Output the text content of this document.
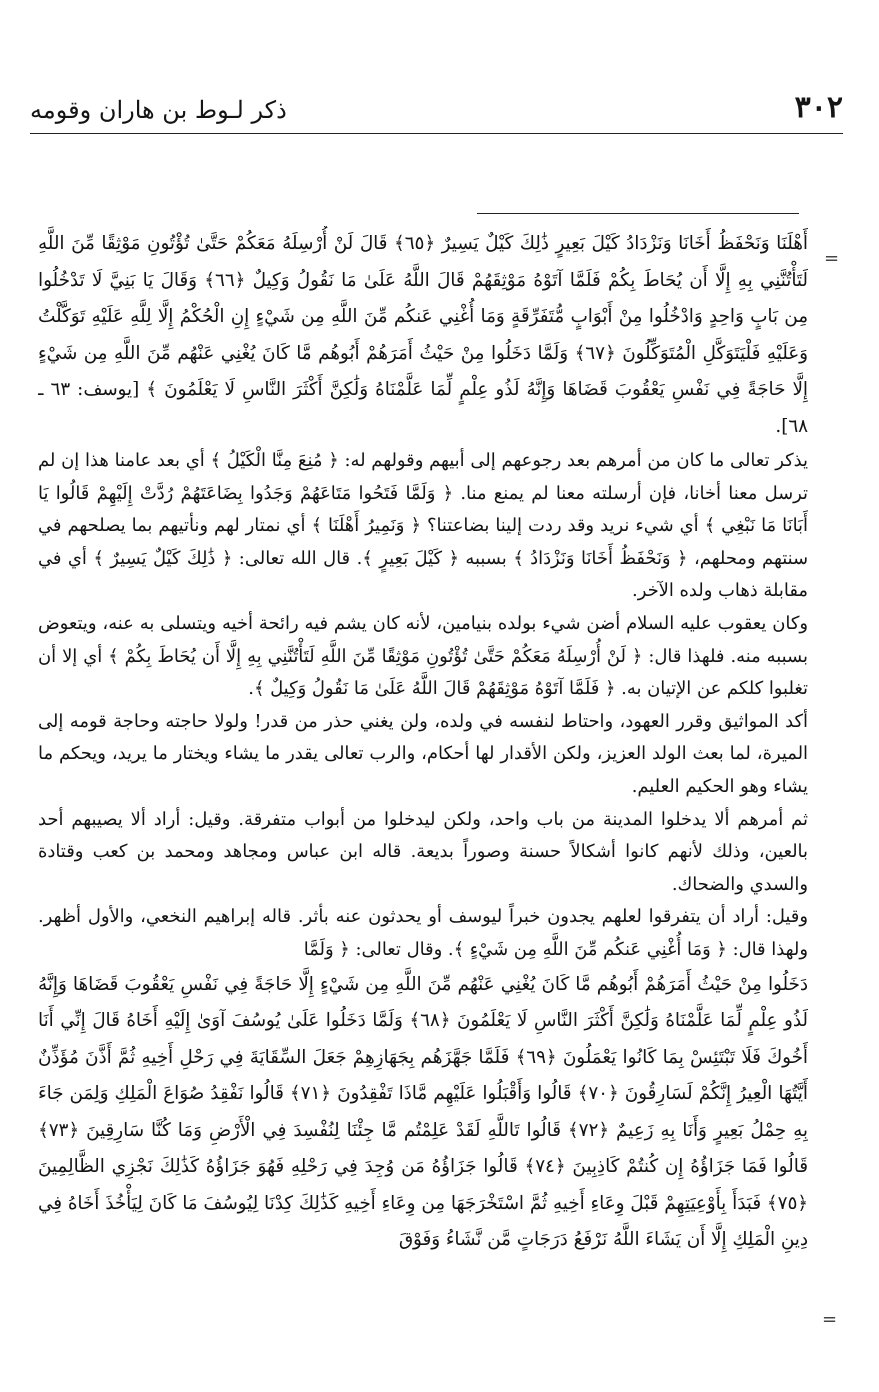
٣٠٢
ذكر لـوط بن هاران وقومه
=
=

أَهْلَنَا وَنَحْفَظُ أَخَانَا وَنَزْدَادُ كَيْلَ بَعِيرٍ ذَٰلِكَ كَيْلٌ يَسِيرٌ ﴿٦٥﴾ قَالَ لَنْ أُرْسِلَهُ مَعَكُمْ حَتَّىٰ تُؤْتُونِ مَوْثِقًا مِّنَ اللَّهِ لَتَأْتُنَّنِي بِهِ إِلَّا أَن يُحَاطَ بِكُمْ فَلَمَّا آتَوْهُ مَوْثِقَهُمْ قَالَ اللَّهُ عَلَىٰ مَا نَقُولُ وَكِيلٌ ﴿٦٦﴾ وَقَالَ يَا بَنِيَّ لَا تَدْخُلُوا مِن بَابٍ وَاحِدٍ وَادْخُلُوا مِنْ أَبْوَابٍ مُّتَفَرِّقَةٍ وَمَا أُغْنِي عَنكُم مِّنَ اللَّهِ مِن شَيْءٍ إِنِ الْحُكْمُ إِلَّا لِلَّهِ عَلَيْهِ تَوَكَّلْتُ وَعَلَيْهِ فَلْيَتَوَكَّلِ الْمُتَوَكِّلُونَ ﴿٦٧﴾ وَلَمَّا دَخَلُوا مِنْ حَيْثُ أَمَرَهُمْ أَبُوهُم مَّا كَانَ يُغْنِي عَنْهُم مِّنَ اللَّهِ مِن شَيْءٍ إِلَّا حَاجَةً فِي نَفْسِ يَعْقُوبَ قَضَاهَا وَإِنَّهُ لَذُو عِلْمٍ لِّمَا عَلَّمْنَاهُ وَلَٰكِنَّ أَكْثَرَ النَّاسِ لَا يَعْلَمُونَ ﴾ [يوسف: ٦٣ ـ ٦٨].

يذكر تعالى ما كان من أمرهم بعد رجوعهم إلى أبيهم وقولهم له: ﴿ مُنِعَ مِنَّا الْكَيْلُ ﴾ أي بعد عامنا هذا إن لم ترسل معنا أخانا، فإن أرسلته معنا لم يمنع منا. ﴿ وَلَمَّا فَتَحُوا مَتَاعَهُمْ وَجَدُوا بِضَاعَتَهُمْ رُدَّتْ إِلَيْهِمْ قَالُوا يَا أَبَانَا مَا نَبْغِي ﴾ أي شيء نريد وقد ردت إلينا بضاعتنا؟ ﴿ وَنَمِيرُ أَهْلَنَا ﴾ أي نمتار لهم ونأتيهم بما يصلحهم في سنتهم ومحلهم، ﴿ وَنَحْفَظُ أَخَانَا وَنَزْدَادُ ﴾ بسببه ﴿ كَيْلَ بَعِيرٍ ﴾. قال الله تعالى: ﴿ ذَٰلِكَ كَيْلٌ يَسِيرٌ ﴾ أي في مقابلة ذهاب ولده الآخر.

وكان يعقوب عليه السلام أضن شيء بولده بنيامين، لأنه كان يشم فيه رائحة أخيه ويتسلى به عنه، ويتعوض بسببه منه. فلهذا قال: ﴿ لَنْ أُرْسِلَهُ مَعَكُمْ حَتَّىٰ تُؤْتُونِ مَوْثِقًا مِّنَ اللَّهِ لَتَأْتُنَّنِي بِهِ إِلَّا أَن يُحَاطَ بِكُمْ ﴾ أي إلا أن تغلبوا كلكم عن الإتيان به. ﴿ فَلَمَّا آتَوْهُ مَوْثِقَهُمْ قَالَ اللَّهُ عَلَىٰ مَا نَقُولُ وَكِيلٌ ﴾.

أكد المواثيق وقرر العهود، واحتاط لنفسه في ولده، ولن يغني حذر من قدر! ولولا حاجته وحاجة قومه إلى الميرة، لما بعث الولد العزيز، ولكن الأقدار لها أحكام، والرب تعالى يقدر ما يشاء ويختار ما يريد، ويحكم ما يشاء وهو الحكيم العليم.

ثم أمرهم ألا يدخلوا المدينة من باب واحد، ولكن ليدخلوا من أبواب متفرقة. وقيل: أراد ألا يصيبهم أحد بالعين، وذلك لأنهم كانوا أشكالاً حسنة وصوراً بديعة. قاله ابن عباس ومجاهد ومحمد بن كعب وقتادة والسدي والضحاك.

وقيل: أراد أن يتفرقوا لعلهم يجدون خبراً ليوسف أو يحدثون عنه بأثر. قاله إبراهيم النخعي، والأول أظهر. ولهذا قال: ﴿ وَمَا أُغْنِي عَنكُم مِّنَ اللَّهِ مِن شَيْءٍ ﴾. وقال تعالى: ﴿ وَلَمَّا

دَخَلُوا مِنْ حَيْثُ أَمَرَهُمْ أَبُوهُم مَّا كَانَ يُغْنِي عَنْهُم مِّنَ اللَّهِ مِن شَيْءٍ إِلَّا حَاجَةً فِي نَفْسِ يَعْقُوبَ قَضَاهَا وَإِنَّهُ لَذُو عِلْمٍ لِّمَا عَلَّمْنَاهُ وَلَٰكِنَّ أَكْثَرَ النَّاسِ لَا يَعْلَمُونَ ﴿٦٨﴾ وَلَمَّا دَخَلُوا عَلَىٰ يُوسُفَ آوَىٰ إِلَيْهِ أَخَاهُ قَالَ إِنِّي أَنَا أَخُوكَ فَلَا تَبْتَئِسْ بِمَا كَانُوا يَعْمَلُونَ ﴿٦٩﴾ فَلَمَّا جَهَّزَهُم بِجَهَازِهِمْ جَعَلَ السِّقَايَةَ فِي رَحْلِ أَخِيهِ ثُمَّ أَذَّنَ مُؤَذِّنٌ أَيَّتُهَا الْعِيرُ إِنَّكُمْ لَسَارِقُونَ ﴿٧٠﴾ قَالُوا وَأَقْبَلُوا عَلَيْهِم مَّاذَا تَفْقِدُونَ ﴿٧١﴾ قَالُوا نَفْقِدُ صُوَاعَ الْمَلِكِ وَلِمَن جَاءَ بِهِ حِمْلُ بَعِيرٍ وَأَنَا بِهِ زَعِيمٌ ﴿٧٢﴾ قَالُوا تَاللَّهِ لَقَدْ عَلِمْتُم مَّا جِئْنَا لِنُفْسِدَ فِي الْأَرْضِ وَمَا كُنَّا سَارِقِينَ ﴿٧٣﴾ قَالُوا فَمَا جَزَاؤُهُ إِن كُنتُمْ كَاذِبِينَ ﴿٧٤﴾ قَالُوا جَزَاؤُهُ مَن وُجِدَ فِي رَحْلِهِ فَهُوَ جَزَاؤُهُ كَذَٰلِكَ نَجْزِي الظَّالِمِينَ ﴿٧٥﴾ فَبَدَأَ بِأَوْعِيَتِهِمْ قَبْلَ وِعَاءِ أَخِيهِ ثُمَّ اسْتَخْرَجَهَا مِن وِعَاءِ أَخِيهِ كَذَٰلِكَ كِدْنَا لِيُوسُفَ مَا كَانَ لِيَأْخُذَ أَخَاهُ فِي دِينِ الْمَلِكِ إِلَّا أَن يَشَاءَ اللَّهُ نَرْفَعُ دَرَجَاتٍ مَّن نَّشَاءُ وَفَوْقَ
